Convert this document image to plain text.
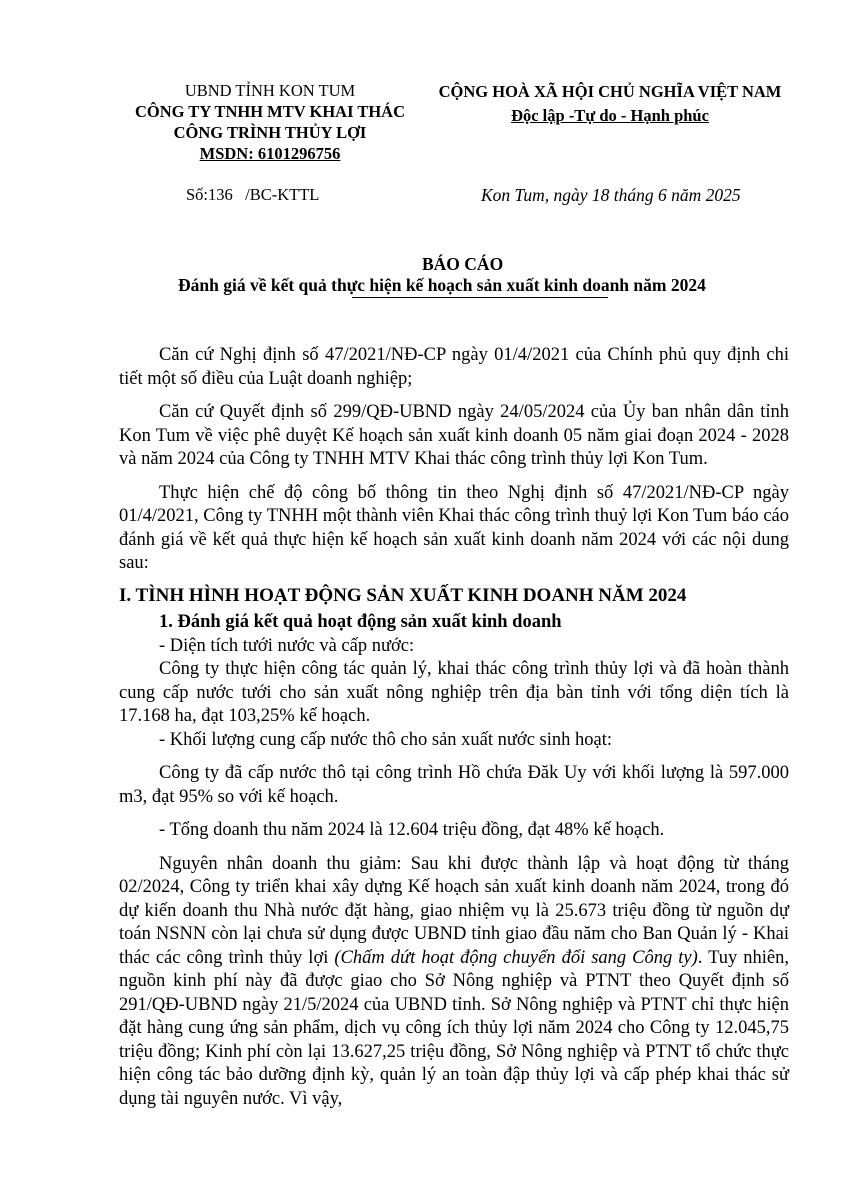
UBND TỈNH KON TUM
CÔNG TY TNHH MTV KHAI THÁC
CÔNG TRÌNH THỦY LỢI
MSDN: 6101296756
CỘNG HOÀ XÃ HỘI CHỦ NGHĨA VIỆT NAM
Độc lập -Tự do - Hạnh phúc
Số:136   /BC-KTTL	Kon Tum, ngày 18 tháng 6 năm 2025
BÁO CÁO
Đánh giá về kết quả thực hiện kế hoạch sản xuất kinh doanh năm 2024

Căn cứ Nghị định số 47/2021/NĐ-CP ngày 01/4/2021 của Chính phủ quy định chi tiết một số điều của Luật doanh nghiệp;

Căn cứ Quyết định số 299/QĐ-UBND ngày 24/05/2024 của Ủy ban nhân dân tỉnh Kon Tum về việc phê duyệt Kế hoạch sản xuất kinh doanh 05 năm giai đoạn 2024 - 2028 và năm 2024 của Công ty TNHH MTV Khai thác công trình thủy lợi Kon Tum.

Thực hiện chế độ công bố thông tin theo Nghị định số 47/2021/NĐ-CP ngày 01/4/2021, Công ty TNHH một thành viên Khai thác công trình thuỷ lợi Kon Tum báo cáo đánh giá về kết quả thực hiện kế hoạch sản xuất kinh doanh năm 2024 với các nội dung sau:

I. TÌNH HÌNH HOẠT ĐỘNG SẢN XUẤT KINH DOANH NĂM 2024

1. Đánh giá kết quả hoạt động sản xuất kinh doanh

- Diện tích tưới nước và cấp nước:

Công ty thực hiện công tác quản lý, khai thác công trình thủy lợi và đã hoàn thành cung cấp nước tưới cho sản xuất nông nghiệp trên địa bàn tỉnh với tổng diện tích là 17.168 ha, đạt 103,25% kế hoạch.

- Khối lượng cung cấp nước thô cho sản xuất nước sinh hoạt:

Công ty đã cấp nước thô tại công trình Hồ chứa Đăk Uy với khối lượng là 597.000 m3, đạt 95% so với kế hoạch.

- Tổng doanh thu năm 2024 là 12.604 triệu đồng, đạt 48% kế hoạch.

Nguyên nhân doanh thu giảm: Sau khi được thành lập và hoạt động từ tháng 02/2024, Công ty triển khai xây dựng Kế hoạch sản xuất kinh doanh năm 2024, trong đó dự kiến doanh thu Nhà nước đặt hàng, giao nhiệm vụ là 25.673 triệu đồng từ nguồn dự toán NSNN còn lại chưa sử dụng được UBND tỉnh giao đầu năm cho Ban Quản lý - Khai thác các công trình thủy lợi (Chấm dứt hoạt động chuyển đổi sang Công ty). Tuy nhiên, nguồn kinh phí này đã được giao cho Sở Nông nghiệp và PTNT theo Quyết định số 291/QĐ-UBND ngày 21/5/2024 của UBND tỉnh. Sở Nông nghiệp và PTNT chỉ thực hiện đặt hàng cung ứng sản phẩm, dịch vụ công ích thủy lợi năm 2024 cho Công ty 12.045,75 triệu đồng; Kinh phí còn lại 13.627,25 triệu đồng, Sở Nông nghiệp và PTNT tổ chức thực hiện công tác bảo dưỡng định kỳ, quản lý an toàn đập thủy lợi và cấp phép khai thác sử dụng tài nguyên nước. Vì vậy,
